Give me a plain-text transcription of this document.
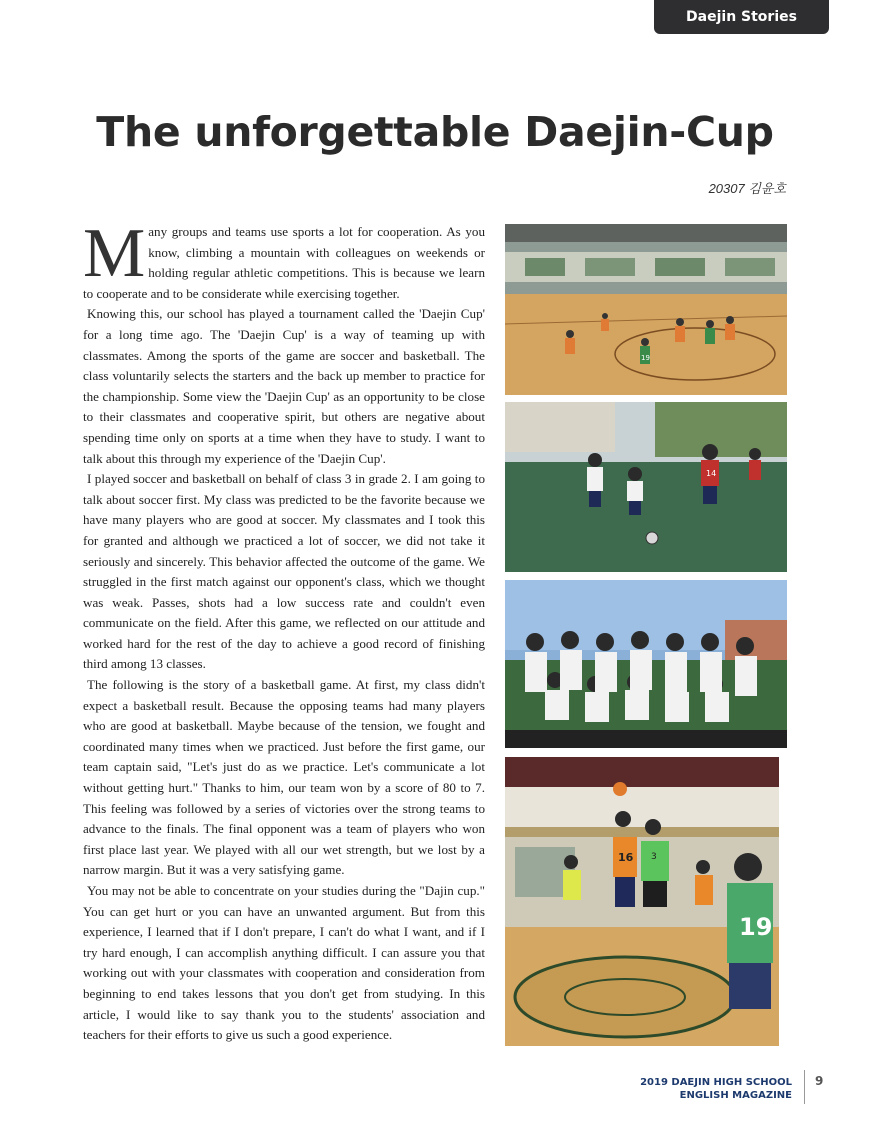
Daejin Stories
The unforgettable Daejin-Cup
20307 김윤호

Many groups and teams use sports a lot for cooperation. As you know, climbing a mountain with colleagues on weekends or holding regular athletic competitions. This is because we learn to cooperate and to be considerate while exercising together.

Knowing this, our school has played a tournament called the 'Daejin Cup' for a long time ago. The 'Daejin Cup' is a way of teaming up with classmates. Among the sports of the game are soccer and basketball. The class voluntarily selects the starters and the back up member to practice for the championship. Some view the 'Daejin Cup' as an opportunity to be close to their classmates and cooperative spirit, but others are negative about spending time only on sports at a time when they have to study. I want to talk about this through my experience of the 'Daejin Cup'.

I played soccer and basketball on behalf of class 3 in grade 2. I am going to talk about soccer first. My class was predicted to be the favorite because we have many players who are good at soccer. My classmates and I took this for granted and although we practiced a lot of soccer, we did not take it seriously and sincerely. This behavior affected the outcome of the game. We struggled in the first match against our opponent's class, which we thought was weak. Passes, shots had a low success rate and couldn't even communicate on the field. After this game, we reflected on our attitude and worked hard for the rest of the day to achieve a good record of finishing third among 13 classes.

The following is the story of a basketball game. At first, my class didn't expect a basketball result. Because the opposing teams had many players who are good at basketball. Maybe because of the tension, we fought and coordinated many times when we practiced. Just before the first game, our team captain said, "Let's just do as we practice. Let's communicate a lot without getting hurt." Thanks to him, our team won by a score of 80 to 7. This feeling was followed by a series of victories over the strong teams to advance to the finals. The final opponent was a team of players who won first place last year. We played with all our wet strength, but we lost by a narrow margin. But it was a very satisfying game.

You may not be able to concentrate on your studies during the "Dajin cup." You can get hurt or you can have an unwanted argument. But from this experience, I learned that if I don't prepare, I can't do what I want, and if I try hard enough, I can accomplish anything difficult. I can assure you that working out with your classmates with cooperation and consideration from beginning to end takes lessons that you don't get from studying. In this article, I would like to say thank you to the students' association and teachers for their efforts to give us such a good experience.

19
14
16 3
19
2019 DAEJIN HIGH SCHOOL
ENGLISH MAGAZINE
9
